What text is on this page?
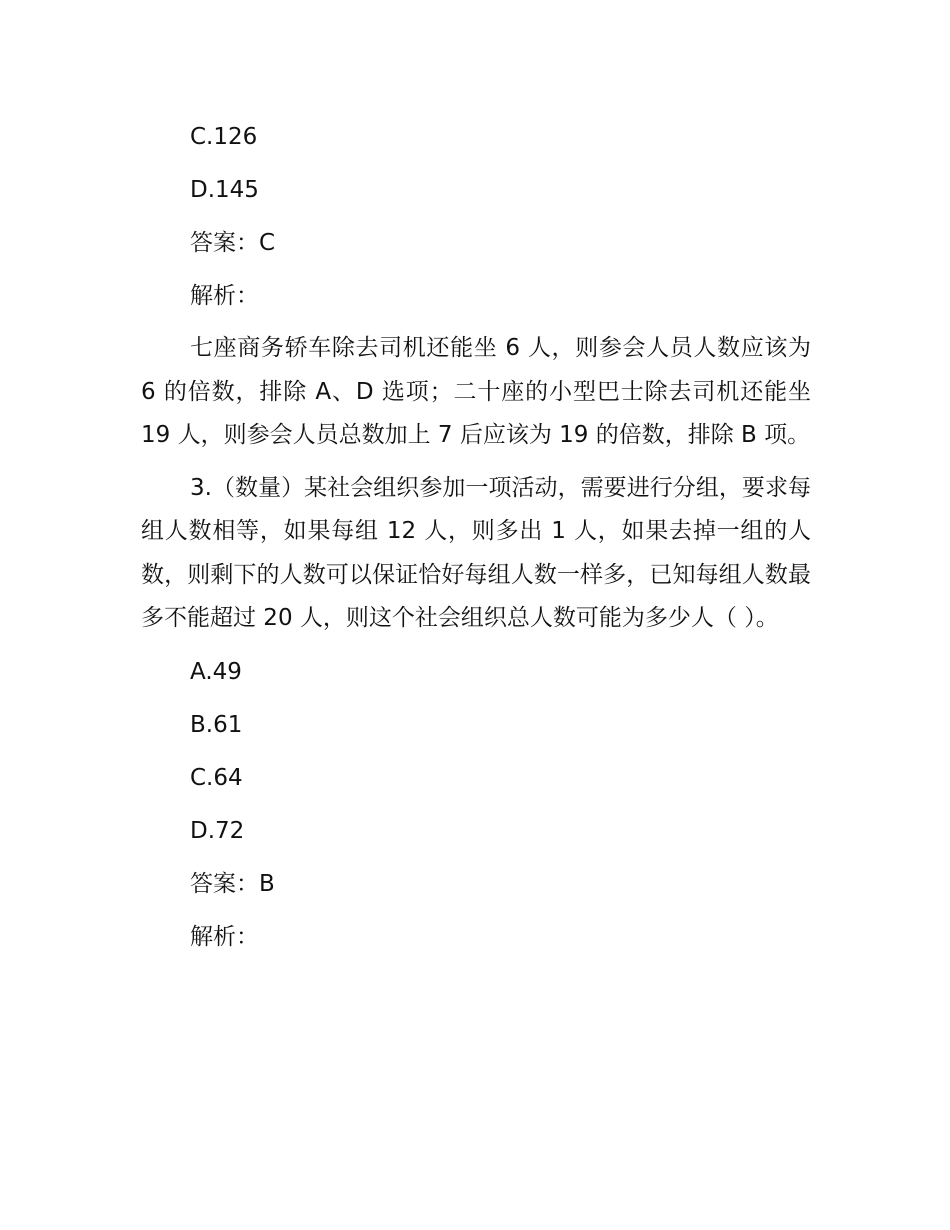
C.126

D.145

答案：C

解析：

七座商务轿车除去司机还能坐 6 人，则参会人员人数应该为 6 的倍数，排除 A、D 选项；二十座的小型巴士除去司机还能坐 19 人，则参会人员总数加上 7 后应该为 19 的倍数，排除 B 项。

3.（数量）某社会组织参加一项活动，需要进行分组，要求每组人数相等，如果每组 12 人，则多出 1 人，如果去掉一组的人数，则剩下的人数可以保证恰好每组人数一样多，已知每组人数最多不能超过 20 人，则这个社会组织总人数可能为多少人（ ）。

A.49

B.61

C.64

D.72

答案：B

解析：
